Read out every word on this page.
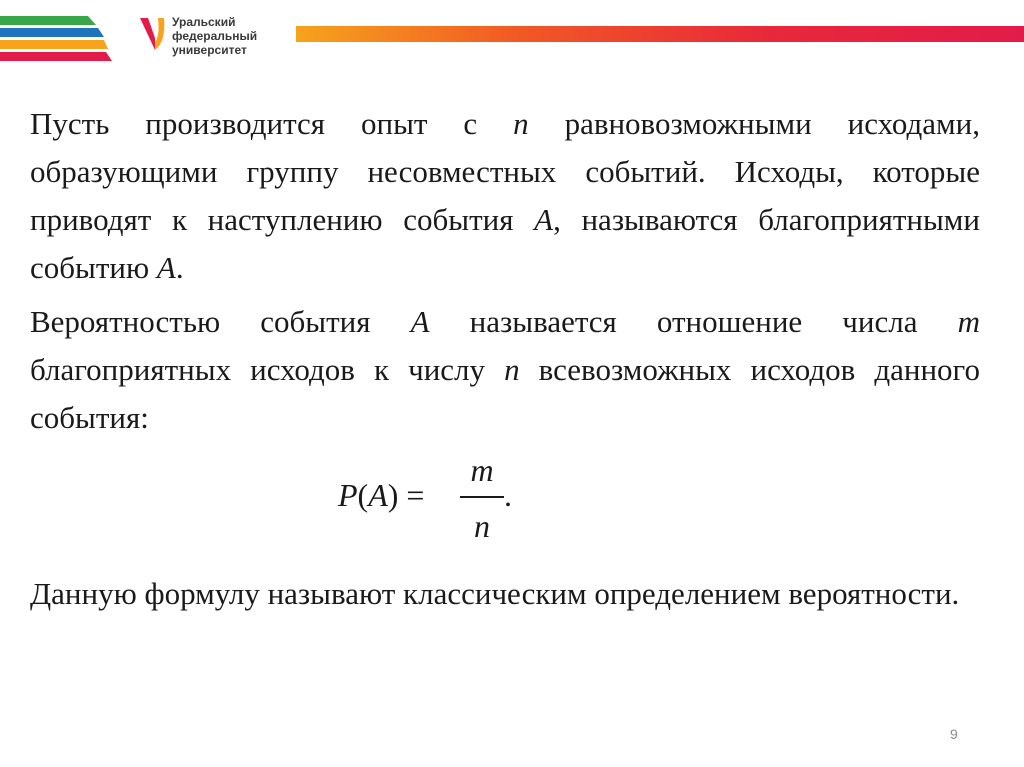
Уральский
федеральный
университет

Пусть производится опыт с n равновозможными исходами, образующими группу несовместных событий. Исходы, которые приводят к наступлению события A, называются благоприятными событию A.

Вероятностью события A называется отношение числа m благоприятных исходов к числу n всевозможных исходов данного события:

P(A) =
m
n
.

Данную формулу называют классическим определением вероятности.

9
